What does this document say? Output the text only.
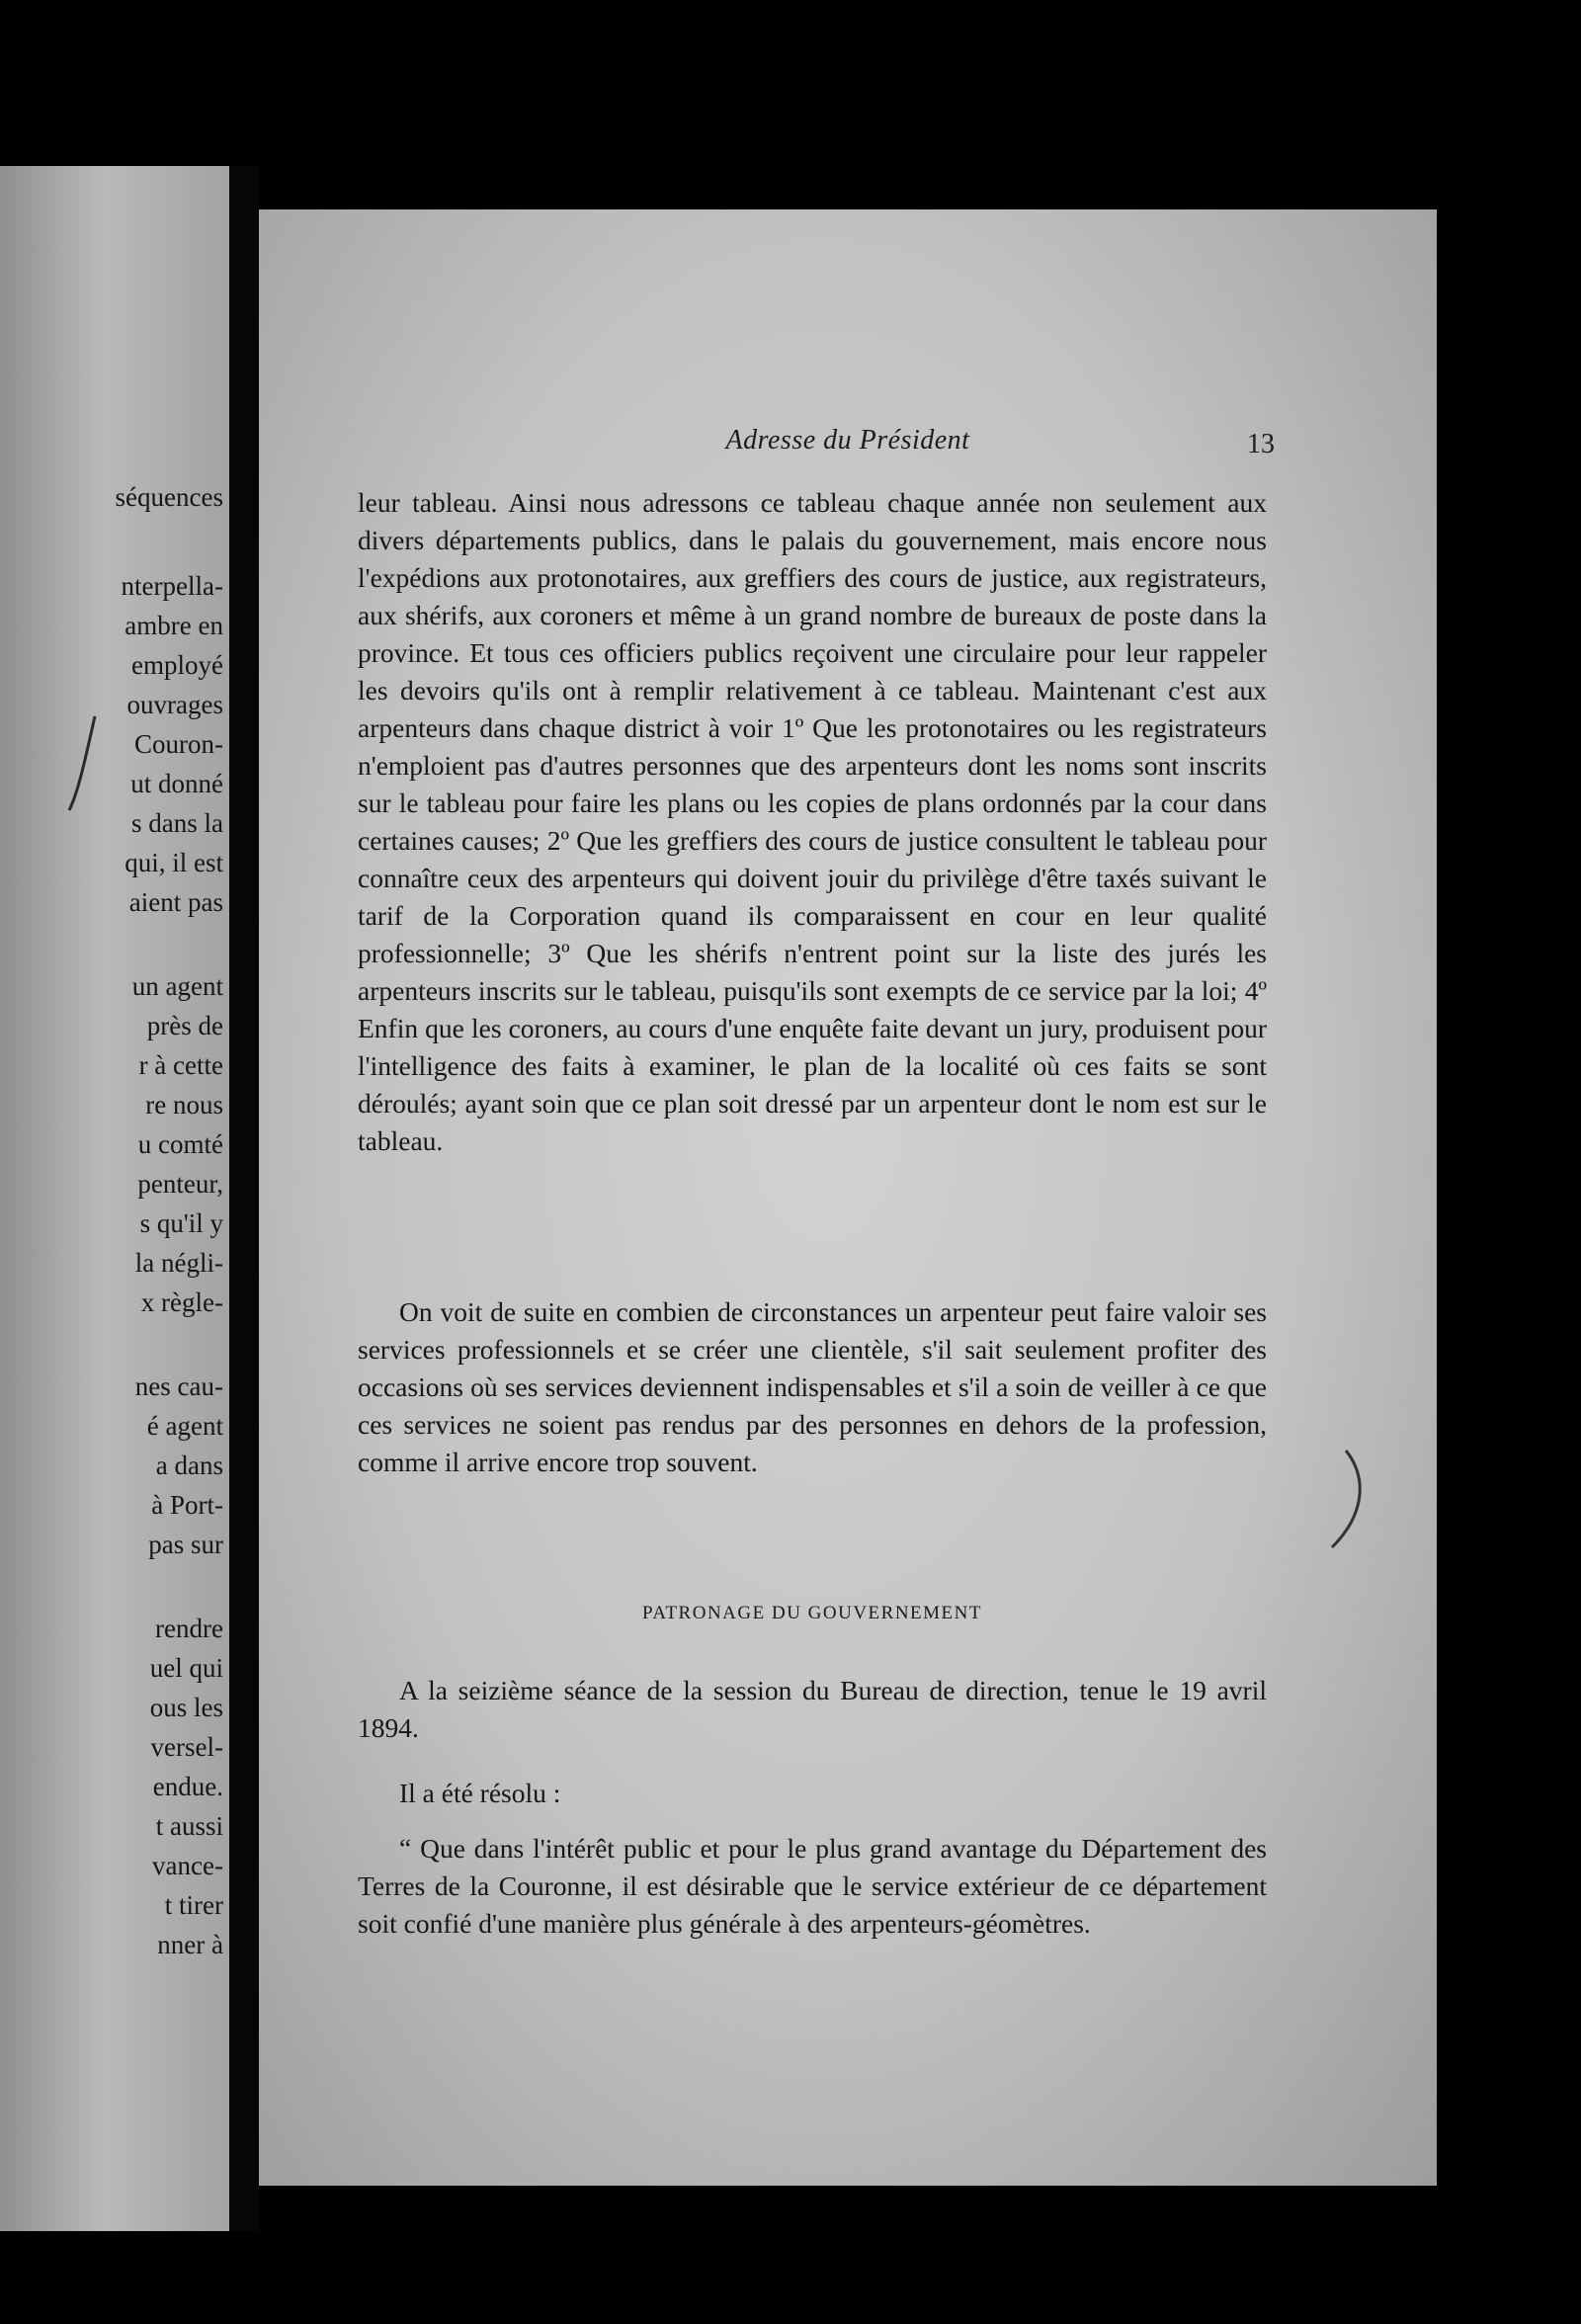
séquences
nterpella-
ambre en
employé
ouvrages
Couron-
ut donné
s dans la
qui, il est
aient pas
un agent
près de
r à cette
re nous
u comté
penteur,
s qu'il y
la négli-
x règle-
nes cau-
é agent
a dans
à Port-
pas sur
rendre
uel qui
ous les
versel-
endue.
t aussi
vance-
t tirer
nner à
Adresse du Président	13

leur tableau. Ainsi nous adressons ce tableau chaque année non seulement aux divers départements publics, dans le palais du gouvernement, mais encore nous l'expédions aux protonotaires, aux greffiers des cours de justice, aux registrateurs, aux shérifs, aux coroners et même à un grand nombre de bureaux de poste dans la province. Et tous ces officiers publics reçoivent une circulaire pour leur rappeler les devoirs qu'ils ont à remplir relativement à ce tableau. Maintenant c'est aux arpenteurs dans chaque district à voir 1º Que les protonotaires ou les registrateurs n'emploient pas d'autres personnes que des arpenteurs dont les noms sont inscrits sur le tableau pour faire les plans ou les copies de plans ordonnés par la cour dans certaines causes; 2º Que les greffiers des cours de justice consultent le tableau pour connaître ceux des arpenteurs qui doivent jouir du privilège d'être taxés suivant le tarif de la Corporation quand ils comparaissent en cour en leur qualité professionnelle; 3º Que les shérifs n'entrent point sur la liste des jurés les arpenteurs inscrits sur le tableau, puisqu'ils sont exempts de ce service par la loi; 4º Enfin que les coroners, au cours d'une enquête faite devant un jury, produisent pour l'intelligence des faits à examiner, le plan de la localité où ces faits se sont déroulés; ayant soin que ce plan soit dressé par un arpenteur dont le nom est sur le tableau.

On voit de suite en combien de circonstances un arpenteur peut faire valoir ses services professionnels et se créer une clientèle, s'il sait seulement profiter des occasions où ses services deviennent indispensables et s'il a soin de veiller à ce que ces services ne soient pas rendus par des personnes en dehors de la profession, comme il arrive encore trop souvent.

PATRONAGE DU GOUVERNEMENT

A la seizième séance de la session du Bureau de direction, tenue le 19 avril 1894.

Il a été résolu :

“ Que dans l'intérêt public et pour le plus grand avantage du Département des Terres de la Couronne, il est désirable que le service extérieur de ce département soit confié d'une manière plus générale à des arpenteurs-géomètres.
